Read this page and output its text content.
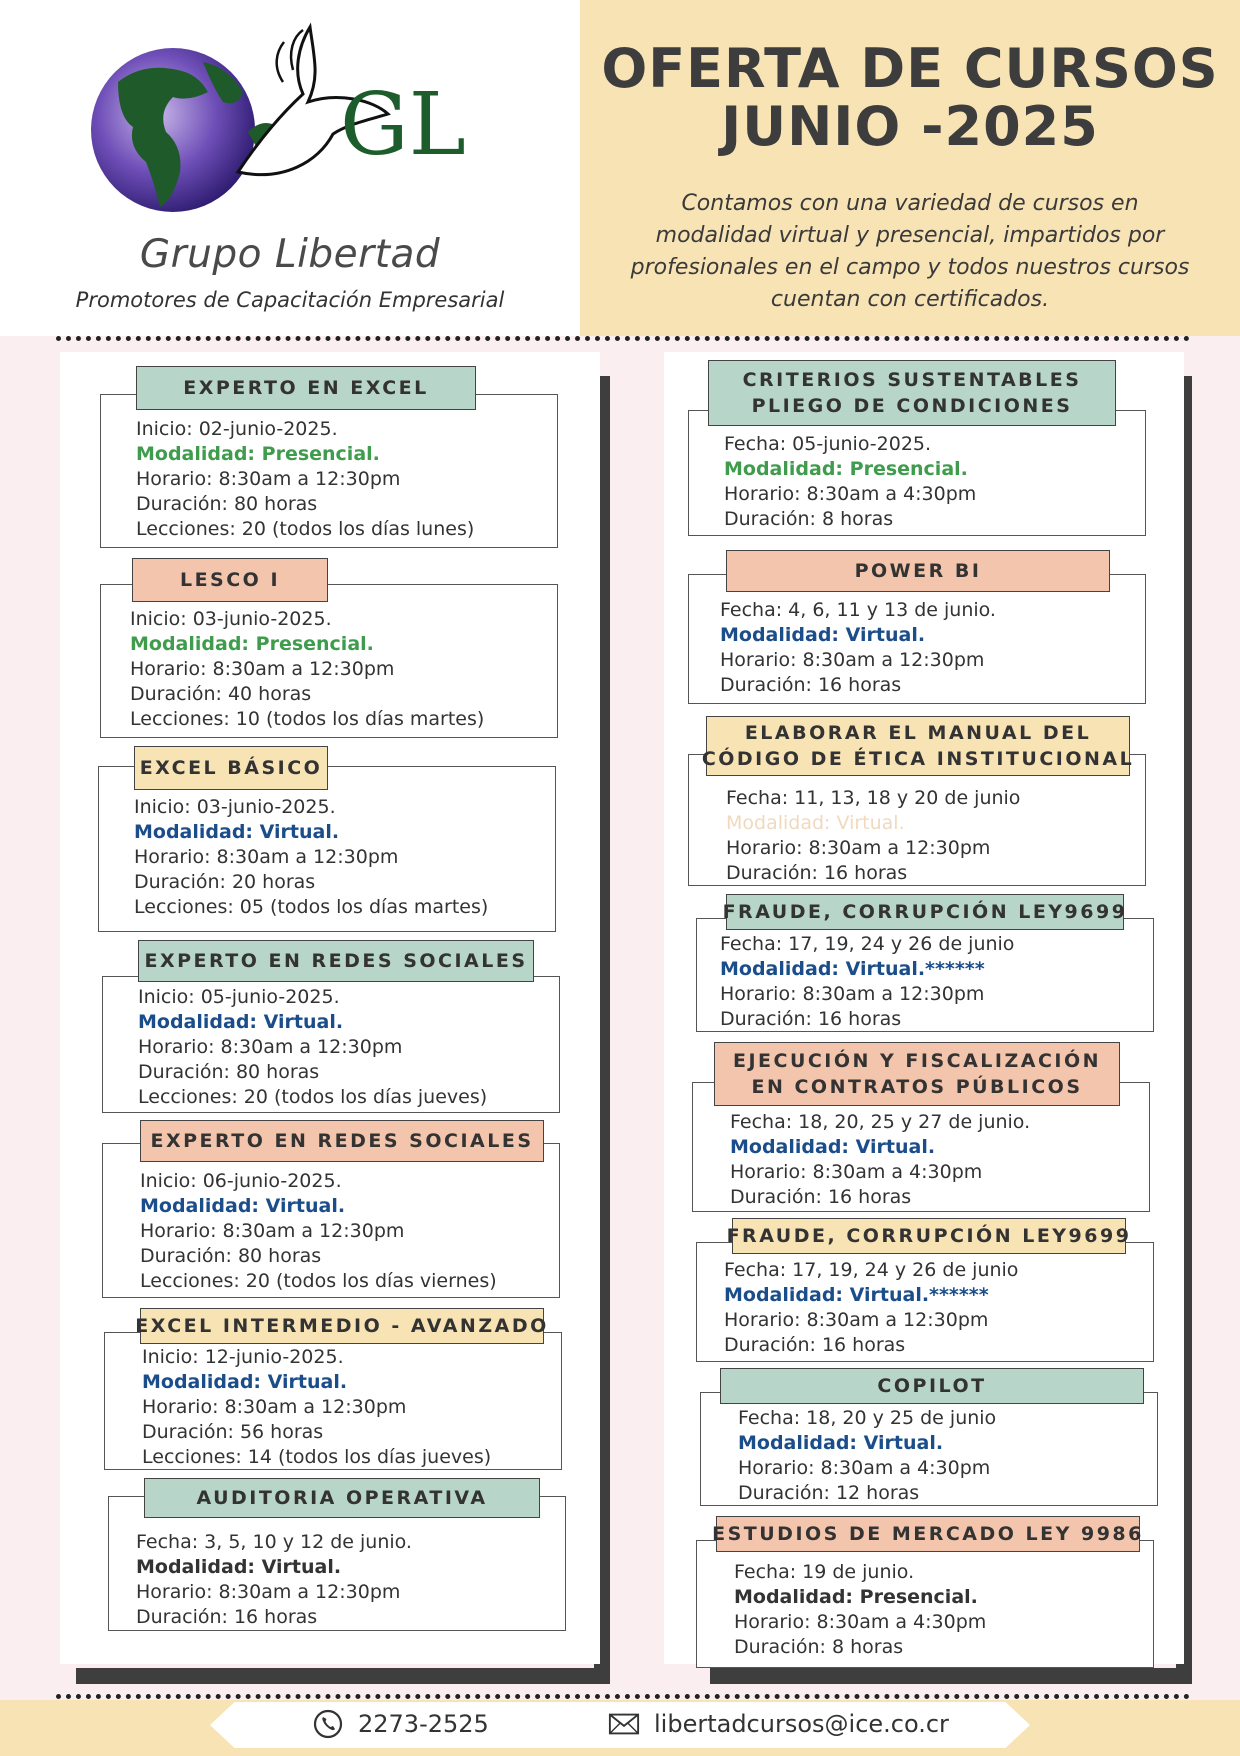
GL
Grupo Libertad
Promotores de Capacitación Empresarial
OFERTA DE CURSOS
JUNIO -2025
Contamos con una variedad de cursos en modalidad virtual y presencial, impartidos por profesionales en el campo y todos nuestros cursos cuentan con certificados.
EXPERTO EN EXCEL
Inicio: 02-junio-2025.
Modalidad: Presencial.
Horario: 8:30am a 12:30pm
Duración: 80 horas
Lecciones: 20 (todos los días lunes)
LESCO I
Inicio: 03-junio-2025.
Modalidad: Presencial.
Horario: 8:30am a 12:30pm
Duración: 40 horas
Lecciones: 10 (todos los días martes)
EXCEL BÁSICO
Inicio: 03-junio-2025.
Modalidad: Virtual.
Horario: 8:30am a 12:30pm
Duración: 20 horas
Lecciones: 05 (todos los días martes)
EXPERTO EN REDES SOCIALES
Inicio: 05-junio-2025.
Modalidad: Virtual.
Horario: 8:30am a 12:30pm
Duración: 80 horas
Lecciones: 20 (todos los días jueves)
EXPERTO EN REDES SOCIALES
Inicio: 06-junio-2025.
Modalidad: Virtual.
Horario: 8:30am a 12:30pm
Duración: 80 horas
Lecciones: 20 (todos los días viernes)
EXCEL INTERMEDIO - AVANZADO
Inicio: 12-junio-2025.
Modalidad: Virtual.
Horario: 8:30am a 12:30pm
Duración: 56 horas
Lecciones: 14 (todos los días jueves)
AUDITORIA OPERATIVA
Fecha: 3, 5, 10 y 12 de junio.
Modalidad: Virtual.
Horario: 8:30am a 12:30pm
Duración: 16 horas
CRITERIOS SUSTENTABLES
PLIEGO DE CONDICIONES
Fecha: 05-junio-2025.
Modalidad: Presencial.
Horario: 8:30am a 4:30pm
Duración: 8 horas
POWER BI
Fecha: 4, 6, 11 y 13 de junio.
Modalidad: Virtual.
Horario: 8:30am a 12:30pm
Duración: 16 horas
ELABORAR EL MANUAL DEL
CÓDIGO DE ÉTICA INSTITUCIONAL
Fecha: 11, 13, 18 y 20 de junio
Modalidad: Virtual.
Horario: 8:30am a 12:30pm
Duración: 16 horas
FRAUDE, CORRUPCIÓN LEY9699
Fecha: 17, 19, 24 y 26 de junio
Modalidad: Virtual.******
Horario: 8:30am a 12:30pm
Duración: 16 horas
EJECUCIÓN Y FISCALIZACIÓN
EN CONTRATOS PÚBLICOS
Fecha: 18, 20, 25 y 27 de junio.
Modalidad: Virtual.
Horario: 8:30am a 4:30pm
Duración: 16 horas
FRAUDE, CORRUPCIÓN LEY9699
Fecha: 17, 19, 24 y 26 de junio
Modalidad: Virtual.******
Horario: 8:30am a 12:30pm
Duración: 16 horas
COPILOT
Fecha: 18, 20 y 25 de junio
Modalidad: Virtual.
Horario: 8:30am a 4:30pm
Duración: 12 horas
ESTUDIOS DE MERCADO LEY 9986
Fecha: 19 de junio.
Modalidad: Presencial.
Horario: 8:30am a 4:30pm
Duración: 8 horas
2273-2525	libertadcursos@ice.co.cr
